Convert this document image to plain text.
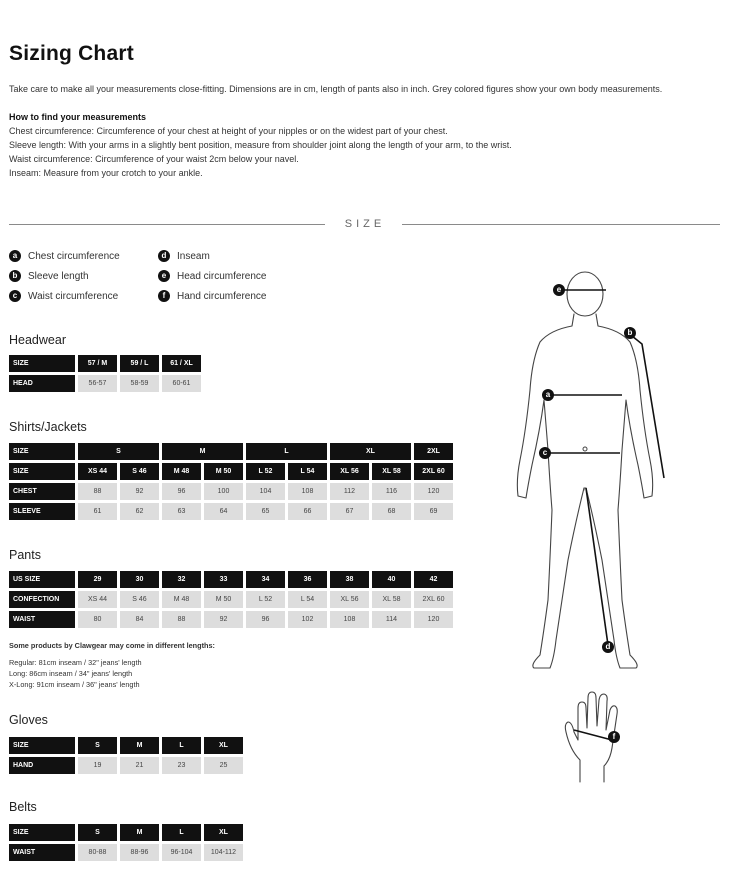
Sizing Chart
Take care to make all your measurements close-fitting. Dimensions are in cm, length of pants also in inch. Grey colored figures show your own body measurements.
How to find your measurements
Chest circumference: Circumference of your chest at height of your nipples or on the widest part of your chest.
Sleeve length: With your arms in a slightly bent position, measure from shoulder joint along the length of your arm, to the wrist.
Waist circumference: Circumference of your waist 2cm below your navel.
Inseam: Measure from your crotch to your ankle.
SIZE
a	Chest circumference
b	Sleeve length
c	Waist circumference
d	Inseam
e	Head circumference
f	Hand circumference
Headwear
SIZE	57 / M	59 / L	61 / XL
HEAD	56-57	58-59	60-61
Shirts/Jackets
SIZE	S		M		L		XL		2XL
SIZE	XS 44	S 46	M 48	M 50	L 52	L 54	XL 56	XL 58	2XL 60
CHEST	88	92	96	100	104	108	112	116	120
SLEEVE	61	62	63	64	65	66	67	68	69
Pants
US SIZE	29	30	32	33	34	36	38	40	42
CONFECTION	XS 44	S 46	M 48	M 50	L 52	L 54	XL 56	XL 58	2XL 60
WAIST	80	84	88	92	96	102	108	114	120
Some products by Clawgear may come in different lengths:
Regular: 81cm inseam / 32" jeans' length
Long: 86cm inseam / 34" jeans' length
X-Long: 91cm inseam / 36" jeans' length
Gloves
SIZE	S	M	L	XL
HAND	19	21	23	25
Belts
SIZE	S	M	L	XL
WAIST	80-88	88-96	96-104	104-112
e
b
a
c
d
f
